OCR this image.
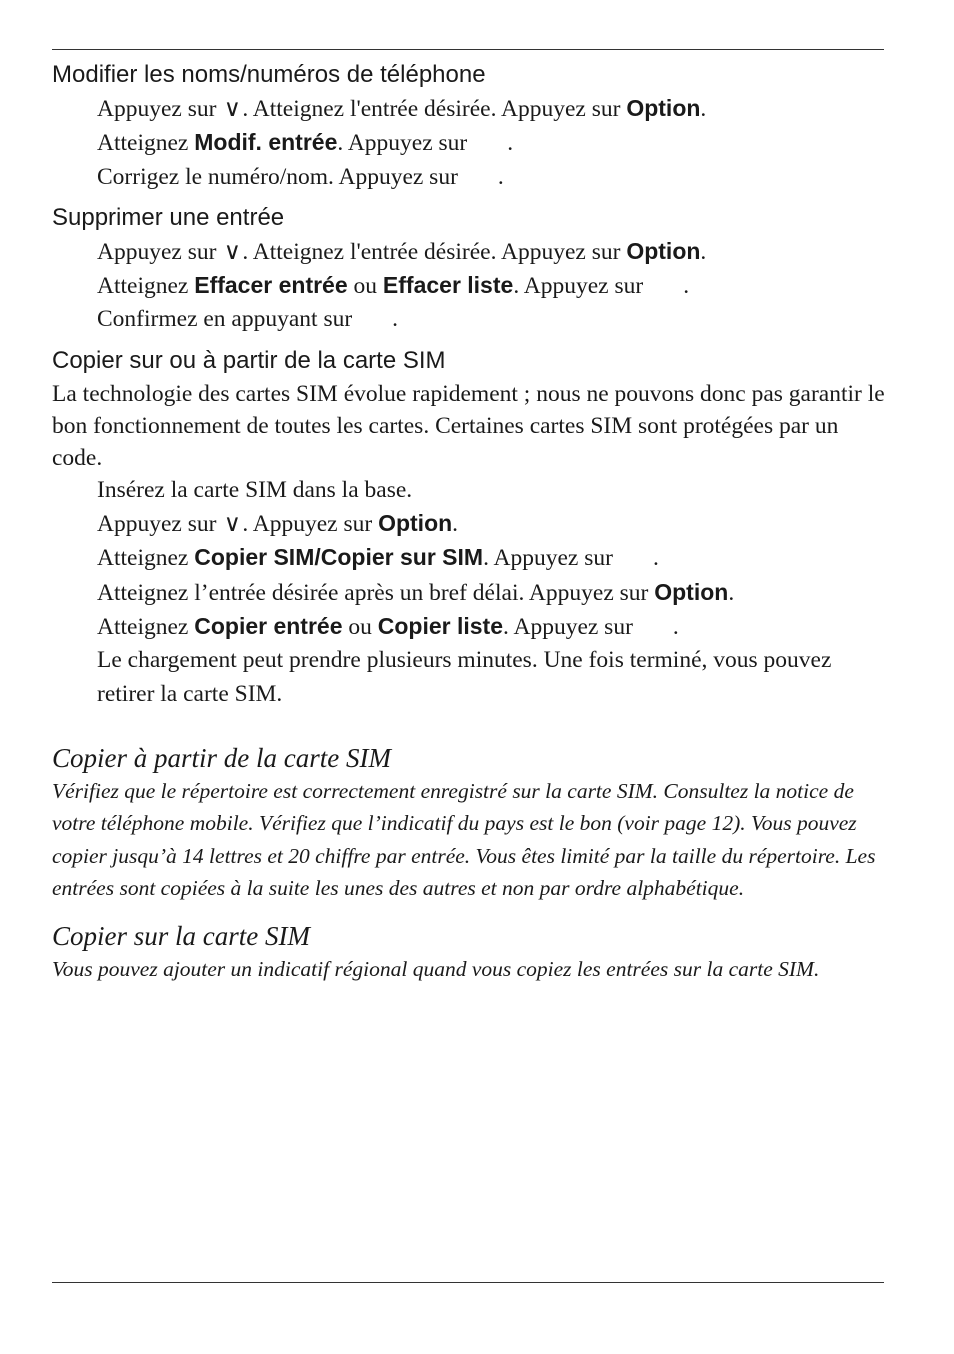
Modifier les noms/numéros de téléphone

Appuyez sur ∨. Atteignez l'entrée désirée. Appuyez sur Option.

Atteignez Modif. entrée. Appuyez sur .

Corrigez le numéro/nom. Appuyez sur .

Supprimer une entrée

Appuyez sur ∨. Atteignez l'entrée désirée. Appuyez sur Option.

Atteignez Effacer entrée ou Effacer liste. Appuyez sur .

Confirmez en appuyant sur .

Copier sur ou à partir de la carte SIM

La technologie des cartes SIM évolue rapidement ; nous ne pouvons donc pas garantir le bon fonctionnement de toutes les cartes. Certaines cartes SIM sont protégées par un code.

Insérez la carte SIM dans la base.

Appuyez sur ∨. Appuyez sur Option.

Atteignez Copier SIM/Copier sur SIM. Appuyez sur .

Atteignez l’entrée désirée après un bref délai. Appuyez sur Option.

Atteignez Copier entrée ou Copier liste. Appuyez sur .

Le chargement peut prendre plusieurs minutes. Une fois terminé, vous pouvez retirer la carte SIM.

Copier à partir de la carte SIM

Vérifiez que le répertoire est correctement enregistré sur la carte SIM. Consultez la notice de votre téléphone mobile. Vérifiez que l’indicatif du pays est le bon (voir page 12). Vous pouvez copier jusqu’à 14 lettres et 20 chiffre par entrée. Vous êtes limité par la taille du répertoire. Les entrées sont copiées à la suite les unes des autres et non par ordre alphabétique.

Copier sur la carte SIM

Vous pouvez ajouter un indicatif régional quand vous copiez les entrées sur la carte SIM.
